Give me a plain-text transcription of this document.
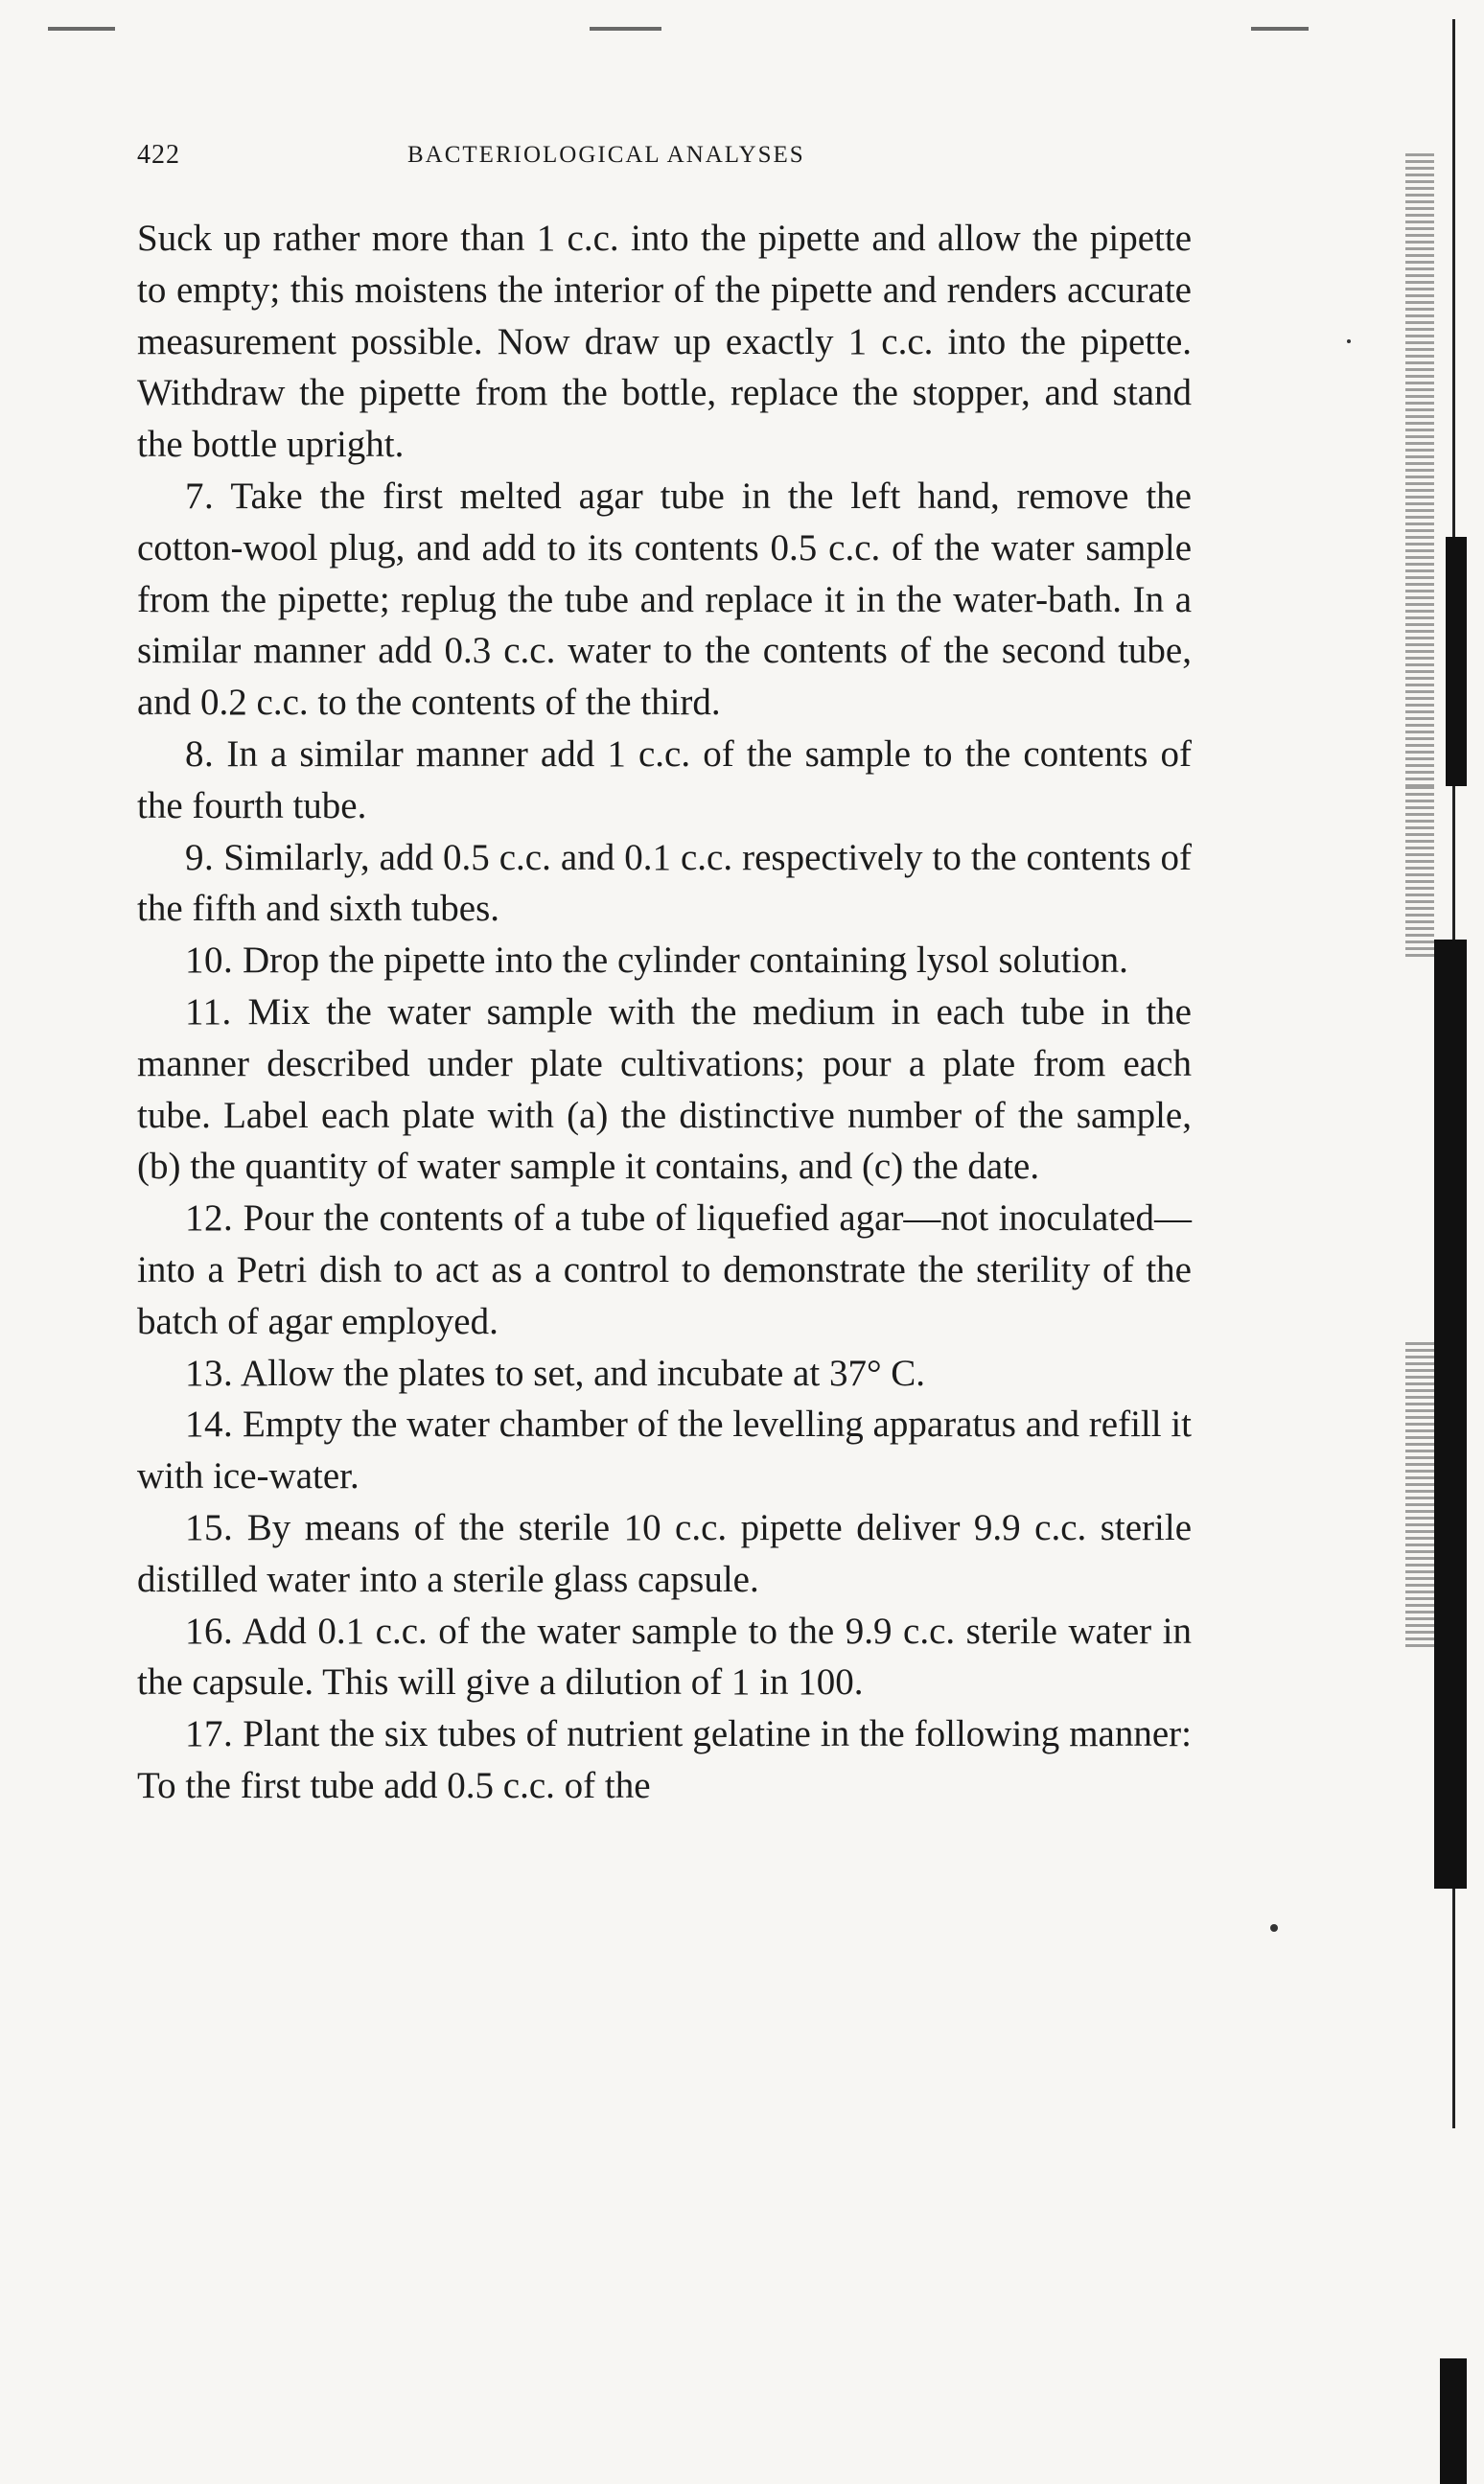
422	BACTERIOLOGICAL ANALYSES

Suck up rather more than 1 c.c. into the pipette and allow the pipette to empty; this moistens the interior of the pipette and renders accurate measurement possible. Now draw up exactly 1 c.c. into the pipette. Withdraw the pipette from the bottle, replace the stopper, and stand the bottle upright.

7. Take the first melted agar tube in the left hand, remove the cotton-wool plug, and add to its contents 0.5 c.c. of the water sample from the pipette; replug the tube and replace it in the water-bath. In a similar manner add 0.3 c.c. water to the contents of the second tube, and 0.2 c.c. to the contents of the third.

8. In a similar manner add 1 c.c. of the sample to the contents of the fourth tube.

9. Similarly, add 0.5 c.c. and 0.1 c.c. respectively to the contents of the fifth and sixth tubes.

10. Drop the pipette into the cylinder containing lysol solution.

11. Mix the water sample with the medium in each tube in the manner described under plate cultivations; pour a plate from each tube. Label each plate with (a) the distinctive number of the sample, (b) the quantity of water sample it contains, and (c) the date.

12. Pour the contents of a tube of liquefied agar—not inoculated—into a Petri dish to act as a control to demonstrate the sterility of the batch of agar employed.

13. Allow the plates to set, and incubate at 37° C.

14. Empty the water chamber of the levelling apparatus and refill it with ice-water.

15. By means of the sterile 10 c.c. pipette deliver 9.9 c.c. sterile distilled water into a sterile glass capsule.

16. Add 0.1 c.c. of the water sample to the 9.9 c.c. sterile water in the capsule. This will give a dilution of 1 in 100.

17. Plant the six tubes of nutrient gelatine in the following manner: To the first tube add 0.5 c.c. of the
